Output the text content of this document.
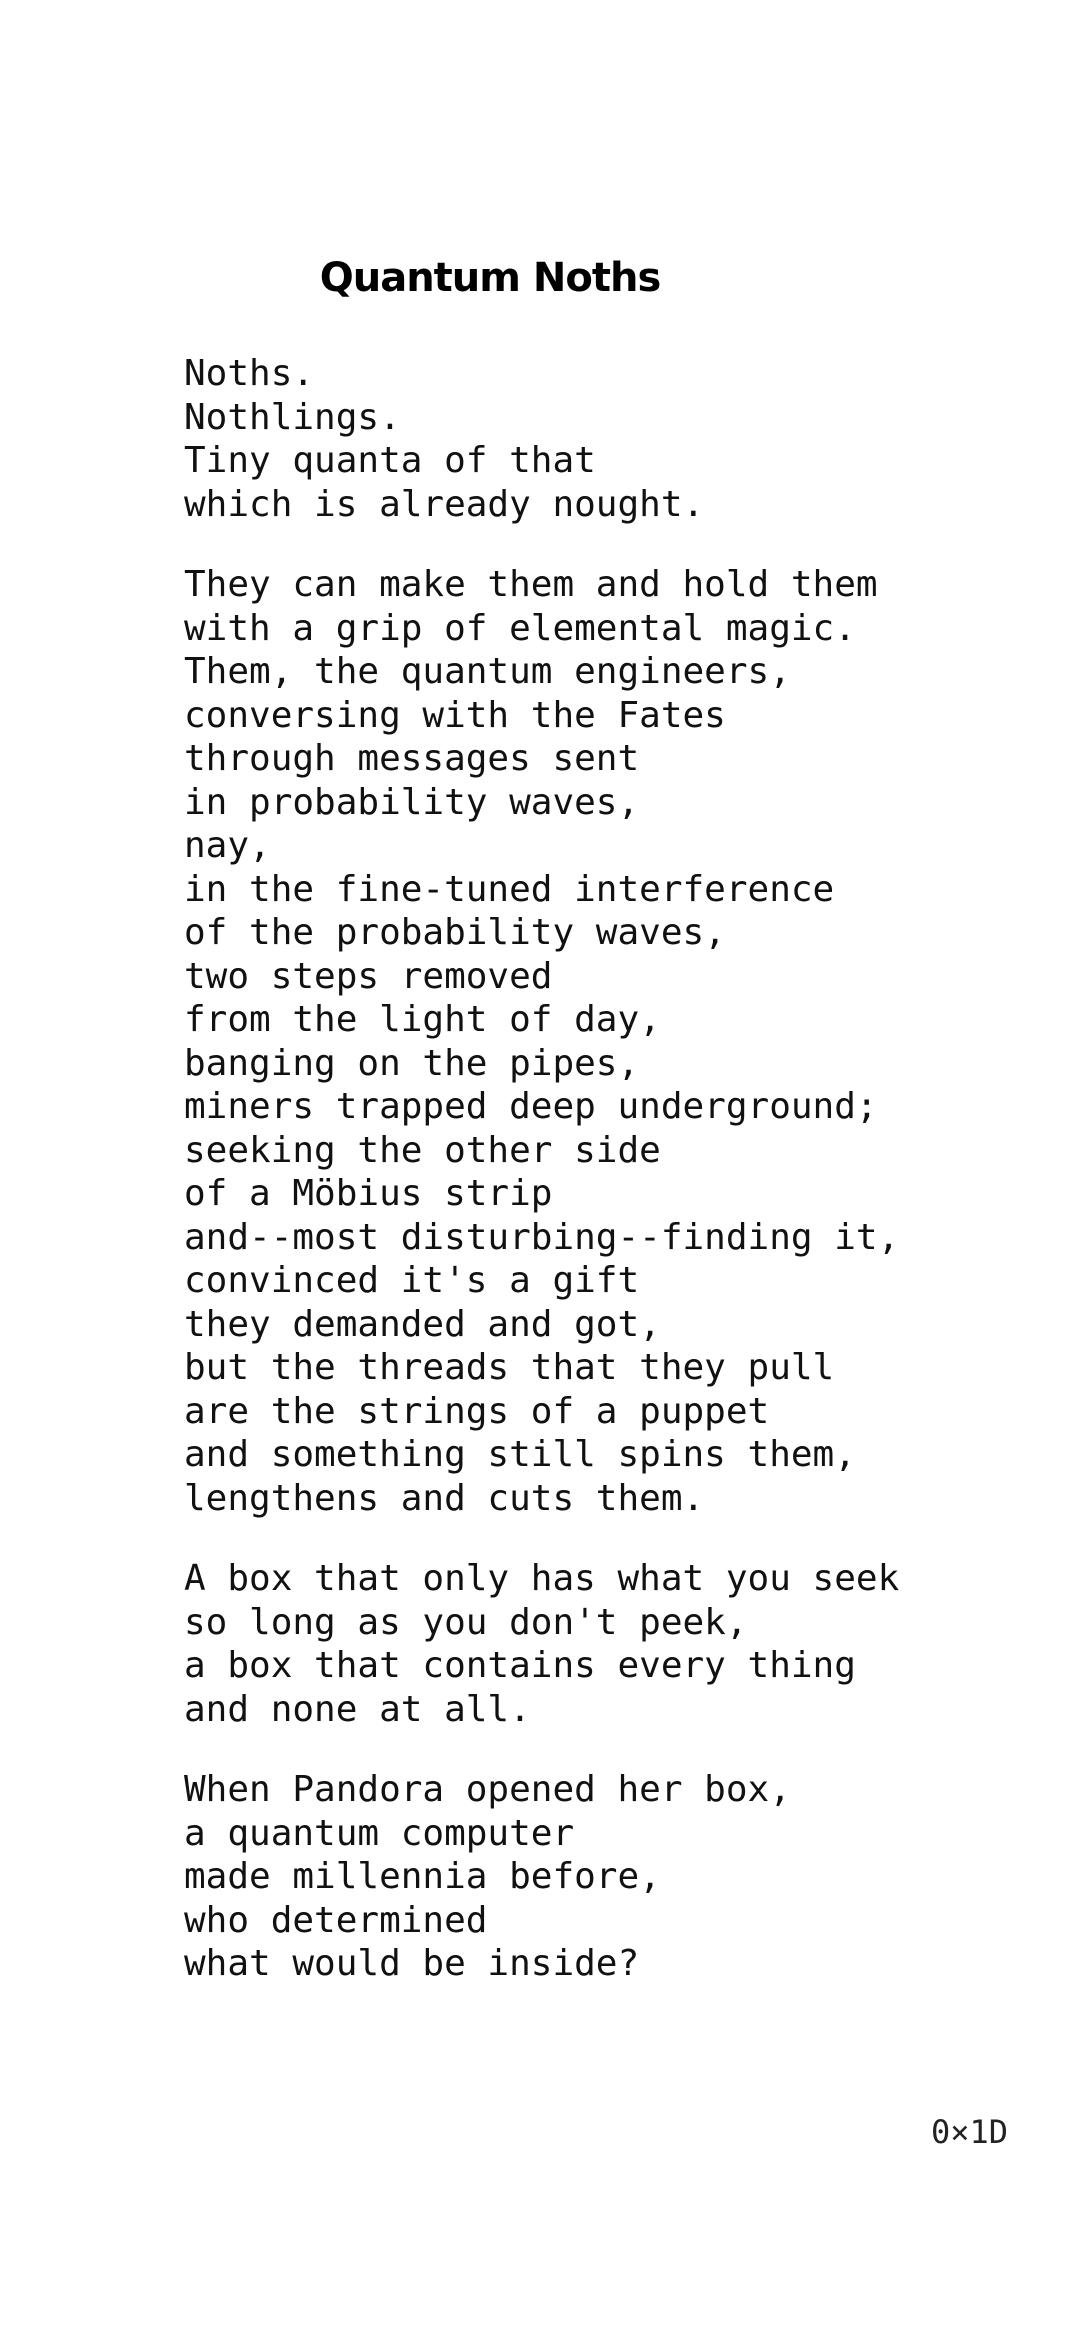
Quantum Noths
Noths.
Nothlings.
Tiny quanta of that
which is already nought.
They can make them and hold them
with a grip of elemental magic.
Them, the quantum engineers,
conversing with the Fates
through messages sent
in probability waves,
nay,
in the fine-tuned interference
of the probability waves,
two steps removed
from the light of day,
banging on the pipes,
miners trapped deep underground;
seeking the other side
of a Möbius strip
and--most disturbing--finding it,
convinced it's a gift
they demanded and got,
but the threads that they pull
are the strings of a puppet
and something still spins them,
lengthens and cuts them.
A box that only has what you seek
so long as you don't peek,
a box that contains every thing
and none at all.
When Pandora opened her box,
a quantum computer
made millennia before,
who determined
what would be inside?
0×1D
